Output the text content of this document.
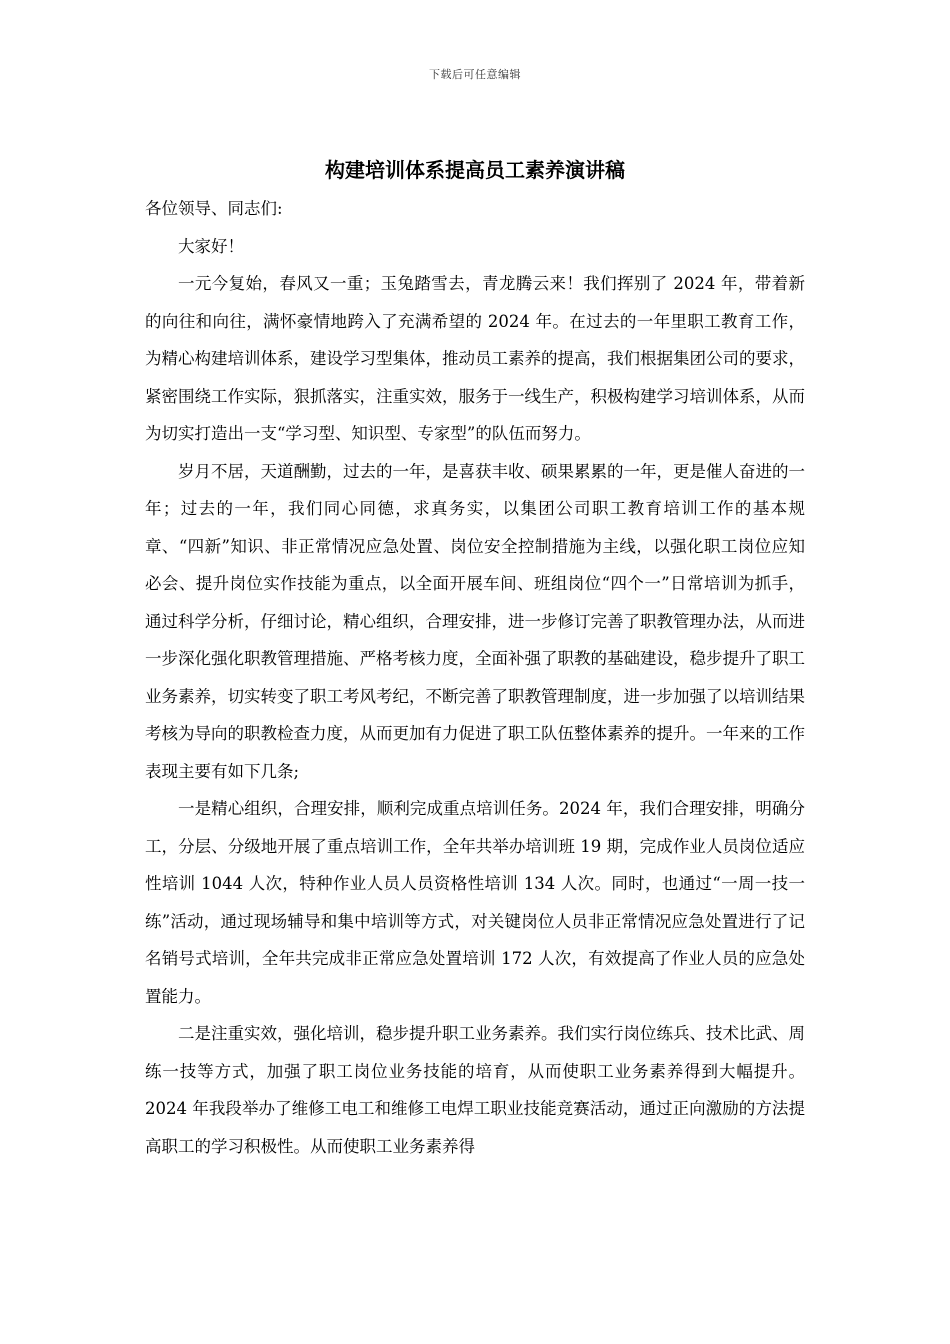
下载后可任意编辑
构建培训体系提高员工素养演讲稿

各位领导、同志们:

大家好！

一元今复始，春风又一重；玉兔踏雪去，青龙腾云来！我们挥别了 2024 年，带着新的向往和向往，满怀豪情地跨入了充满希望的 2024 年。在过去的一年里职工教育工作，为精心构建培训体系，建设学习型集体，推动员工素养的提高，我们根据集团公司的要求，紧密围绕工作实际，狠抓落实，注重实效，服务于一线生产，积极构建学习培训体系，从而为切实打造出一支“学习型、知识型、专家型”的队伍而努力。

岁月不居，天道酬勤，过去的一年，是喜获丰收、硕果累累的一年，更是催人奋进的一年；过去的一年，我们同心同德，求真务实，以集团公司职工教育培训工作的基本规章、“四新”知识、非正常情况应急处置、岗位安全控制措施为主线，以强化职工岗位应知必会、提升岗位实作技能为重点，以全面开展车间、班组岗位“四个一”日常培训为抓手，通过科学分析，仔细讨论，精心组织，合理安排，进一步修订完善了职教管理办法，从而进一步深化强化职教管理措施、严格考核力度，全面补强了职教的基础建设，稳步提升了职工业务素养，切实转变了职工考风考纪，不断完善了职教管理制度，进一步加强了以培训结果考核为导向的职教检查力度，从而更加有力促进了职工队伍整体素养的提升。一年来的工作表现主要有如下几条;

一是精心组织，合理安排，顺利完成重点培训任务。2024 年，我们合理安排，明确分工，分层、分级地开展了重点培训工作，全年共举办培训班 19 期，完成作业人员岗位适应性培训 1044 人次，特种作业人员人员资格性培训 134 人次。同时，也通过“一周一技一练”活动，通过现场辅导和集中培训等方式，对关键岗位人员非正常情况应急处置进行了记名销号式培训，全年共完成非正常应急处置培训 172 人次，有效提高了作业人员的应急处置能力。

二是注重实效，强化培训，稳步提升职工业务素养。我们实行岗位练兵、技术比武、周练一技等方式，加强了职工岗位业务技能的培育，从而使职工业务素养得到大幅提升。2024 年我段举办了维修工电工和维修工电焊工职业技能竞赛活动，通过正向激励的方法提高职工的学习积极性。从而使职工业务素养得
